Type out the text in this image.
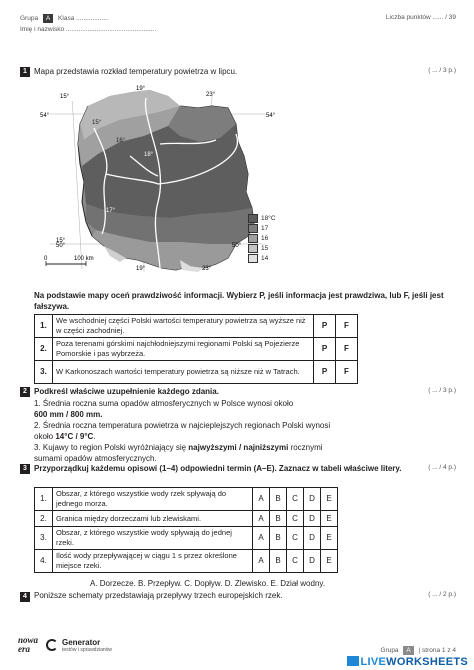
Grupa A Klasa ..................
Imię i nazwisko ..................................................
Liczba punktów ...... / 39
1 Mapa przedstawia rozkład temperatury powietrza w lipcu.	( ... / 3 p.)
18°
17°
16°
15°
15°
19°
23°
54°	54°
50°	50°
15°
19°	23°
0	100 km
18°C
17
16
15
14
Na podstawie mapy oceń prawdziwość informacji. Wybierz P, jeśli informacja jest prawdziwa, lub F, jeśli jest fałszywa.
1.	We wschodniej części Polski wartości temperatury powietrza są wyższe niż w części zachodniej.	P	F
2.	Poza terenami górskimi najchłodniejszymi regionami Polski są Pojezierze Pomorskie i pas wybrzeża.	P	F
3.	W Karkonoszach wartości temperatury powietrza są niższe niż w Tatrach.	P	F
2 Podkreśl właściwe uzupełnienie każdego zdania.	( ... / 3 p.)
1. Średnia roczna suma opadów atmosferycznych w Polsce wynosi około
600 mm / 800 mm.
2. Średnia roczna temperatura powietrza w najcieplejszych regionach Polski wynosi
około 14°C / 9°C.
3. Kujawy to region Polski wyróżniający się najwyższymi / najniższymi rocznymi
sumami opadów atmosferycznych.
3 Przyporządkuj każdemu opisowi (1–4) odpowiedni termin (A–E). Zaznacz w tabeli właściwe litery.	( ... / 4 p.)
1.	Obszar, z którego wszystkie wody rzek spływają do jednego morza.	A	B	C	D	E
2.	Granica między dorzeczami lub zlewiskami.	A	B	C	D	E
3.	Obszar, z którego wszystkie wody spływają do jednej rzeki.	A	B	C	D	E
4.	Ilość wody przepływającej w ciągu 1 s przez określone miejsce rzeki.	A	B	C	D	E
A. Dorzecze. B. Przepływ. C. Dopływ. D. Zlewisko. E. Dział wodny.
4 Poniższe schematy przedstawiają przepływy trzech europejskich rzek.	( ... / 2 p.)
nowa
era
Generator
testów i sprawdzianów	Grupa A | strona 1 z 4
LIVEWORKSHEETS
